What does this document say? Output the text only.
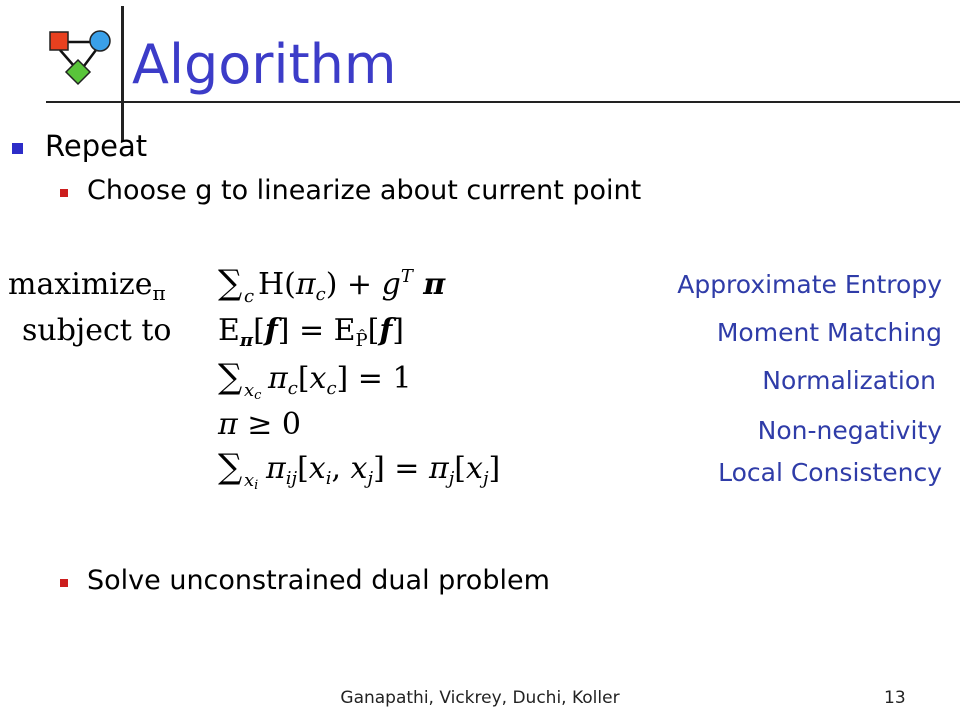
Algorithm
Repeat
Choose g to linearize about current point
maximize$_\pi$
subject to
∑ c $H(\pi_c) + g^T$ π
$E_\pi[f] = E_{P̂}[f]$
∑ xc $\pi_c[x_c] = 1$
π ≥ 0
∑ xi $\pi_{ij}[x_i$, $x_j] = \pi_j[x_j]$
Approximate Entropy
Moment Matching
Normalization
Non-negativity
Local Consistency
Solve unconstrained dual problem
Ganapathi, Vickrey, Duchi, Koller	13
